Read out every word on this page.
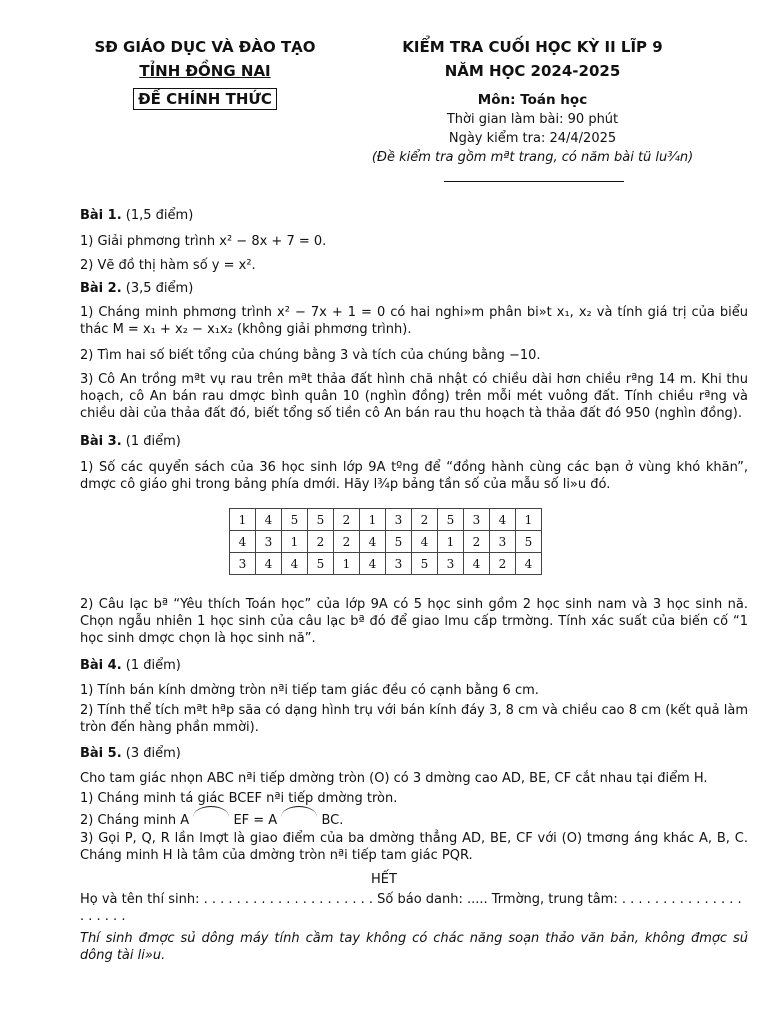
SĐ GIÁO DỤC VÀ ĐÀO TẠO
TỈNH ĐỒNG NAI
ĐỀ CHÍNH THỨC
KIỂM TRA CUỐI HỌC KỲ II LĨP 9
NĂM HỌC 2024-2025
Môn: Toán học
Thời gian làm bài: 90 phút
Ngày kiểm tra: 24/4/2025
(Đề kiểm tra gồm mªt trang, có năm bài tü lu¾n)
Bài 1. (1,5 điểm)
1) Giải phmơng trình x² − 8x + 7 = 0.
2) Vẽ đồ thị hàm số y = x².
Bài 2. (3,5 điểm)
1) Cháng minh phmơng trình x² − 7x + 1 = 0 có hai nghi»m phân bi»t x₁, x₂ và tính giá trị của biểu thác M = x₁ + x₂ − x₁x₂ (không giải phmơng trình).
2) Tìm hai số biết tổng của chúng bằng 3 và tích của chúng bằng −10.
3) Cô An trồng mªt vụ rau trên mªt thảa đất hình chă nhật có chiều dài hơn chiều rªng 14 m. Khi thu hoạch, cô An bán rau dmợc bình quân 10 (nghìn đồng) trên mỗi mét vuông đất. Tính chiều rªng và chiều dài của thảa đất đó, biết tổng số tiền cô An bán rau thu hoạch tà thảa đất đó 950 (nghìn đồng).
Bài 3. (1 điểm)
1) Số các quyển sách của 36 học sinh lớp 9A tºng để “đồng hành cùng các bạn ở vùng khó khăn”, dmợc cô giáo ghi trong bảng phía dmới. Hãy l¾p bảng tần số của mẫu số li»u đó.
1	4	5	5	2	1	3	2	5	3	4	1
4	3	1	2	2	4	5	4	1	2	3	5
3	4	4	5	1	4	3	5	3	4	2	4
2) Câu lạc bª “Yêu thích Toán học” của lớp 9A có 5 học sinh gồm 2 học sinh nam và 3 học sinh nă. Chọn ngẫu nhiên 1 học sinh của câu lạc bª đó để giao lmu cấp trmờng. Tính xác suất của biến cố “1 học sinh dmợc chọn là học sinh nă”.
Bài 4. (1 điểm)
1) Tính bán kính dmờng tròn nªi tiếp tam giác đều có cạnh bằng 6 cm.
2) Tính thể tích mªt hªp săa có dạng hình trụ với bán kính đáy 3, 8 cm và chiều cao 8 cm (kết quả làm tròn đến hàng phần mmời).
Bài 5. (3 điểm)
Cho tam giác nhọn ABC nªi tiếp dmờng tròn (O) có 3 dmờng cao AD, BE, CF cắt nhau tại điểm H.
1) Cháng minh tá giác BCEF nªi tiếp dmờng tròn.
2) Cháng minh A	EF = A	BC.
3) Gọi P, Q, R lần lmợt là giao điểm của ba dmờng thẳng AD, BE, CF với (O) tmơng áng khác A, B, C. Cháng minh H là tâm của dmờng tròn nªi tiếp tam giác PQR.
HẾT
Họ và tên thí sinh: . . . . . . . . . . . . . . . . . . . . . Số báo danh: ..... Trmờng, trung tâm: . . . . . . . . . . . . . . . . . . . . .
Thí sinh đmợc sủ dông máy tính cầm tay không có chác năng soạn thảo văn bản, không đmợc sủ dông tài li»u.
